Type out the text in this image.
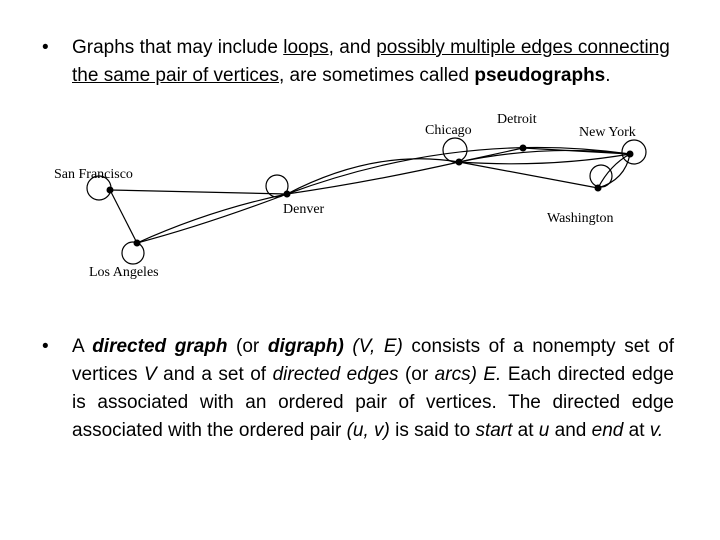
• Graphs that may include loops, and possibly multiple edges connecting the same pair of vertices, are sometimes called pseudographs.
San Francisco
Los Angeles
Denver
Chicago
Detroit
New York
Washington
• A directed graph (or digraph) (V, E) consists of a nonempty set of vertices V and a set of directed edges (or arcs) E. Each directed edge is associated with an ordered pair of vertices. The directed edge associated with the ordered pair (u, v) is said to start at u and end at v.
